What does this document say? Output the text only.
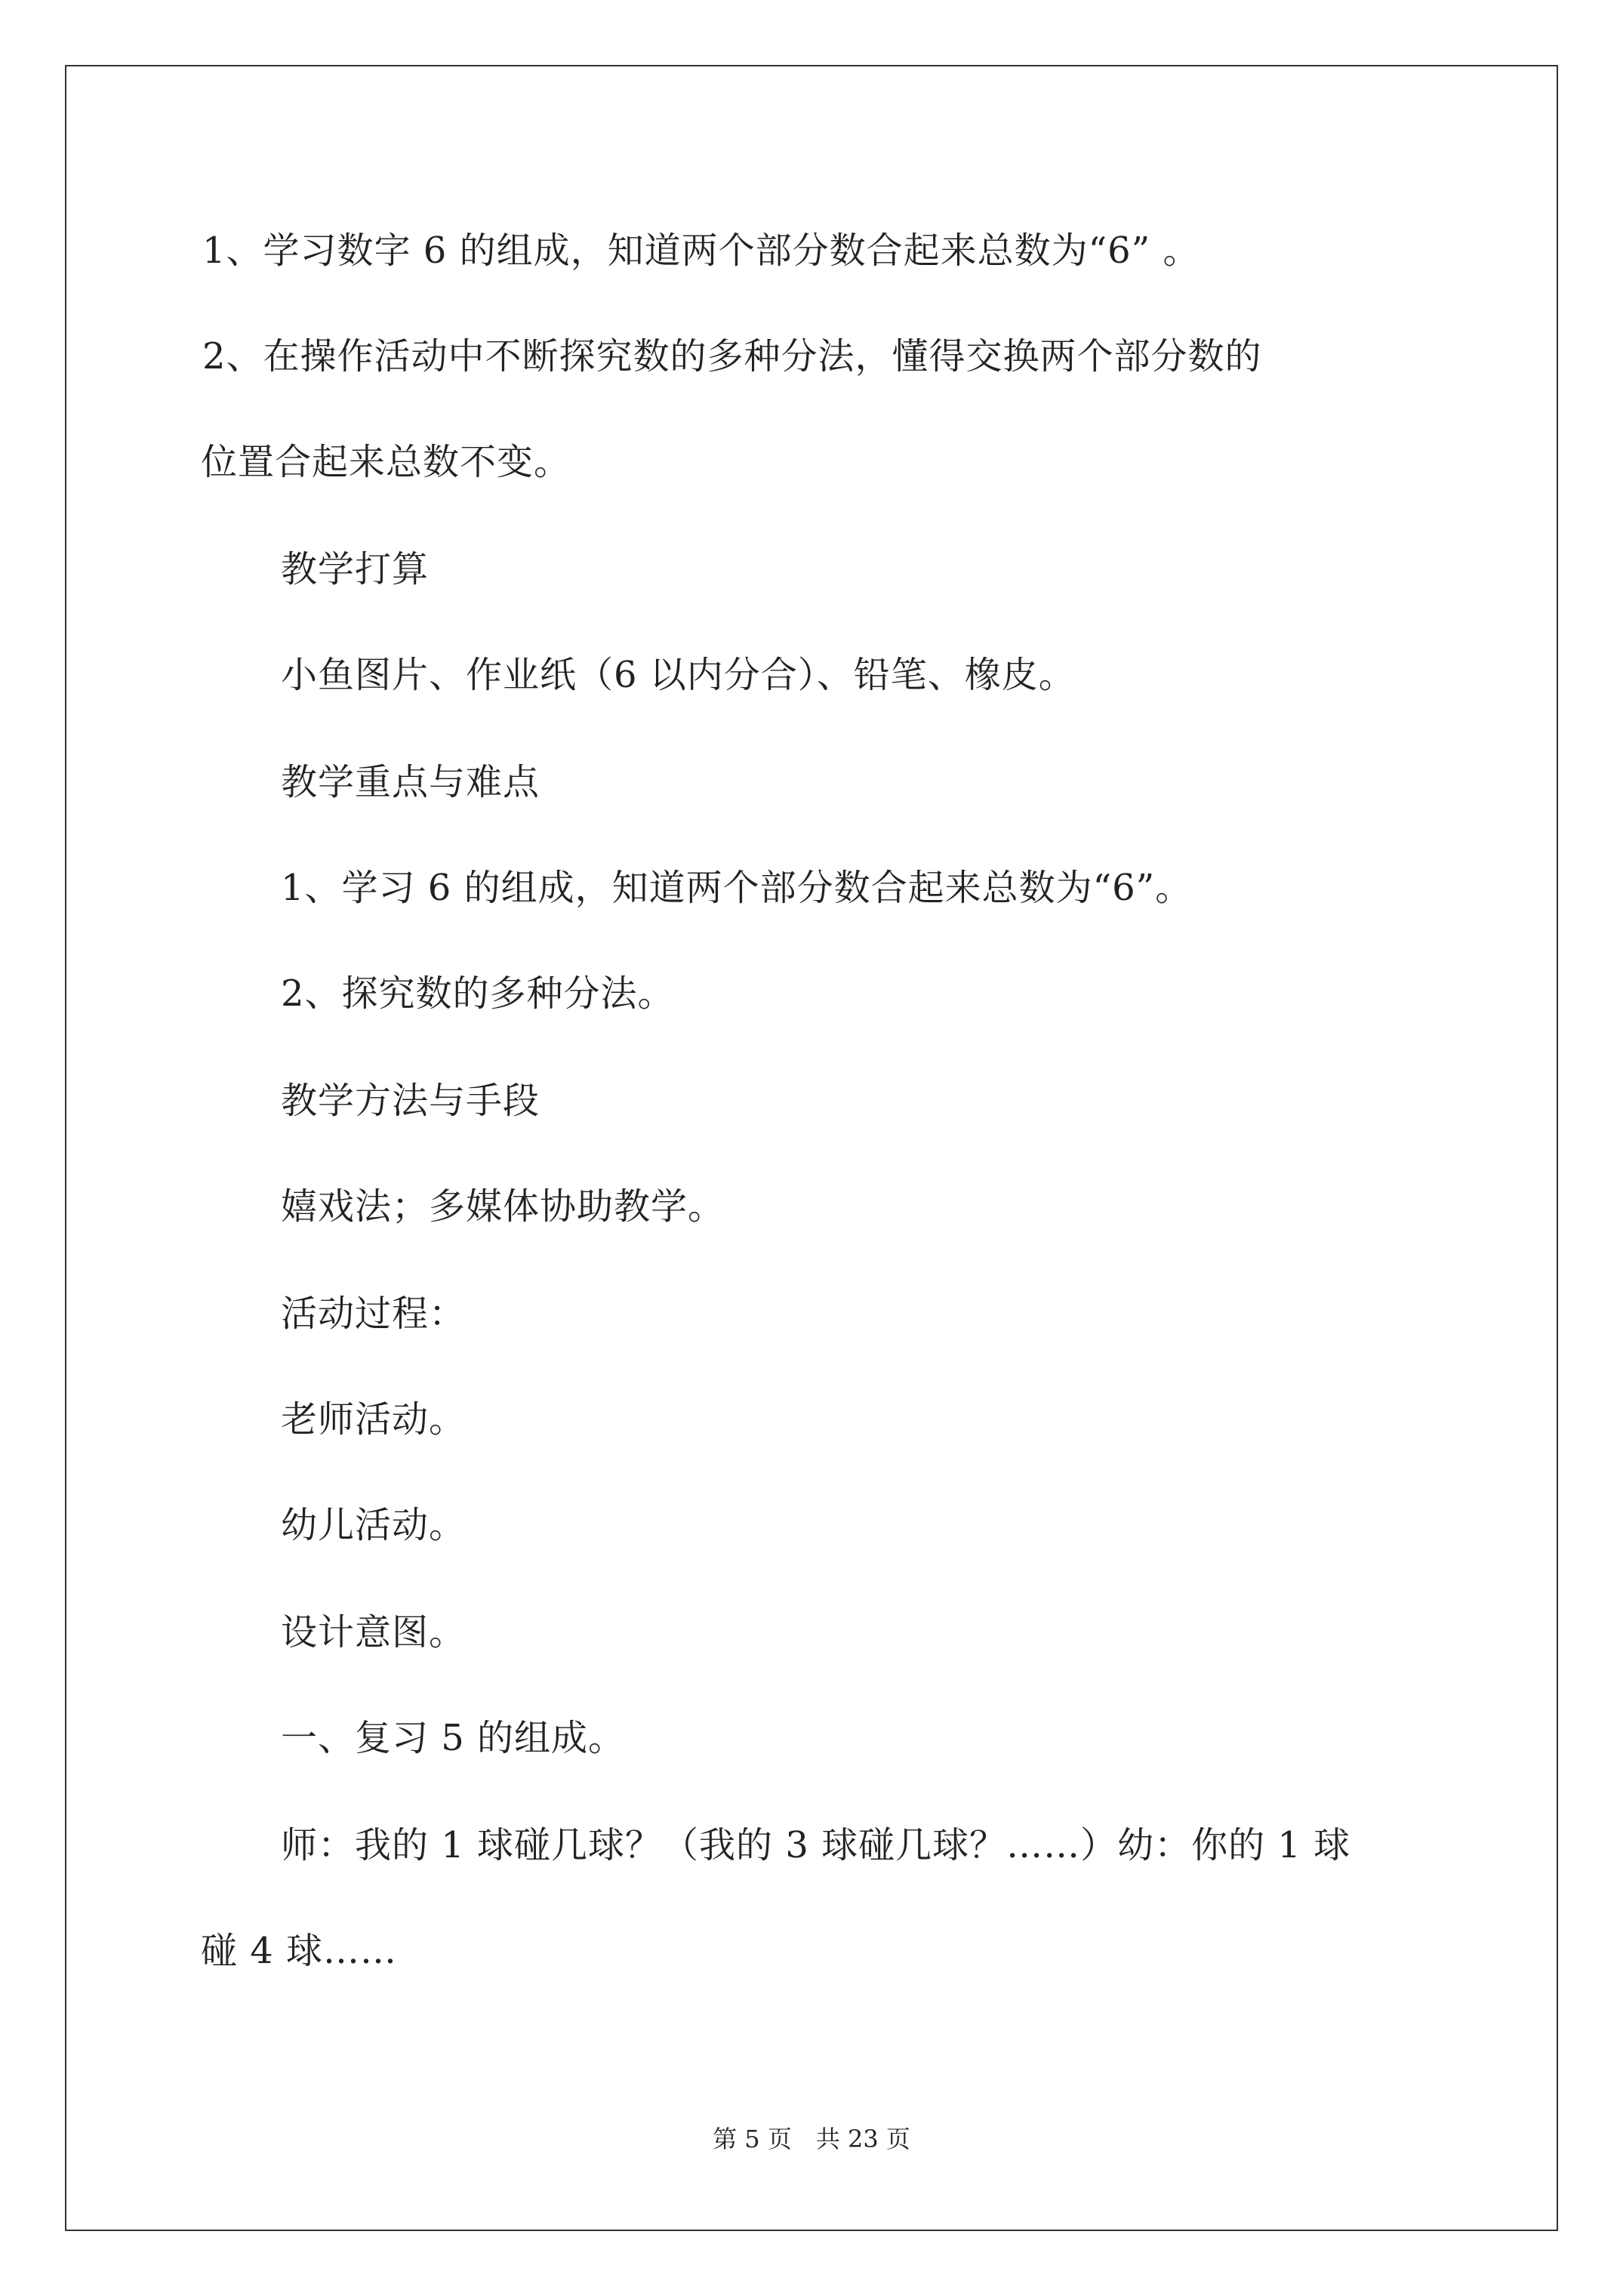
1、学习数字 6 的组成，知道两个部分数合起来总数为“6” 。

2、在操作活动中不断探究数的多种分法，懂得交换两个部分数的

位置合起来总数不变。

教学打算

小鱼图片、作业纸（6 以内分合）、铅笔、橡皮。

教学重点与难点

1、学习 6 的组成，知道两个部分数合起来总数为“6”。

2、探究数的多种分法。

教学方法与手段

嬉戏法；多媒体协助教学。

活动过程：

老师活动。

幼儿活动。

设计意图。

一、复习 5 的组成。

师：我的 1 球碰几球？（我的 3 球碰几球？……）幼：你的 1 球

碰 4 球……

第 5 页　共 23 页
